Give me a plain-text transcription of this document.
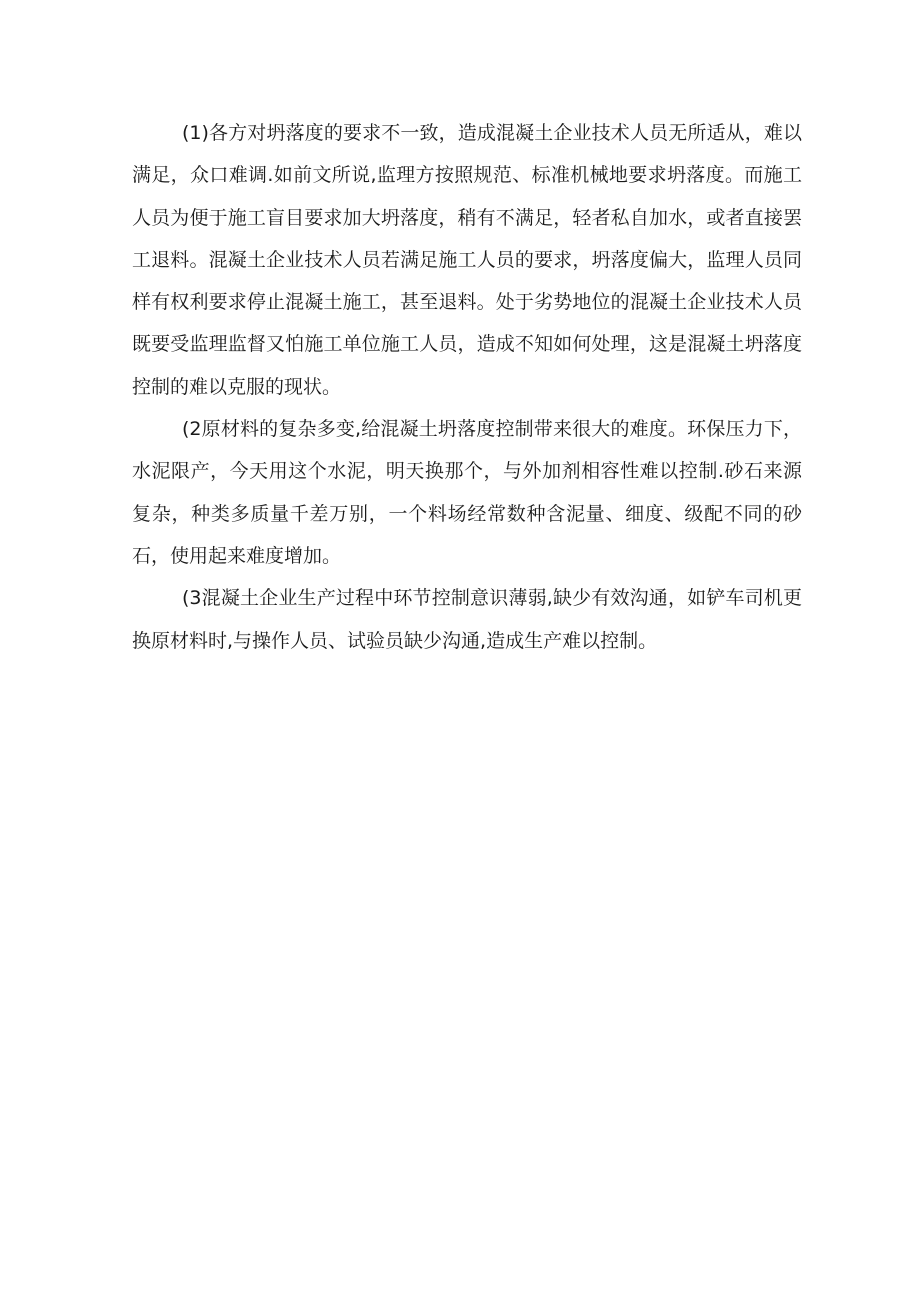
(1)各方对坍落度的要求不一致，造成混凝土企业技术人员无所适从，难以满足，众口难调.如前文所说,监理方按照规范、标准机械地要求坍落度。而施工人员为便于施工盲目要求加大坍落度，稍有不满足，轻者私自加水，或者直接罢工退料。混凝土企业技术人员若满足施工人员的要求，坍落度偏大，监理人员同样有权利要求停止混凝土施工，甚至退料。处于劣势地位的混凝土企业技术人员既要受监理监督又怕施工单位施工人员，造成不知如何处理，这是混凝土坍落度控制的难以克服的现状。

(2原材料的复杂多变,给混凝土坍落度控制带来很大的难度。环保压力下，水泥限产，今天用这个水泥，明天换那个，与外加剂相容性难以控制.砂石来源复杂，种类多质量千差万别，一个料场经常数种含泥量、细度、级配不同的砂石，使用起来难度增加。

(3混凝土企业生产过程中环节控制意识薄弱,缺少有效沟通，如铲车司机更换原材料时,与操作人员、试验员缺少沟通,造成生产难以控制。
